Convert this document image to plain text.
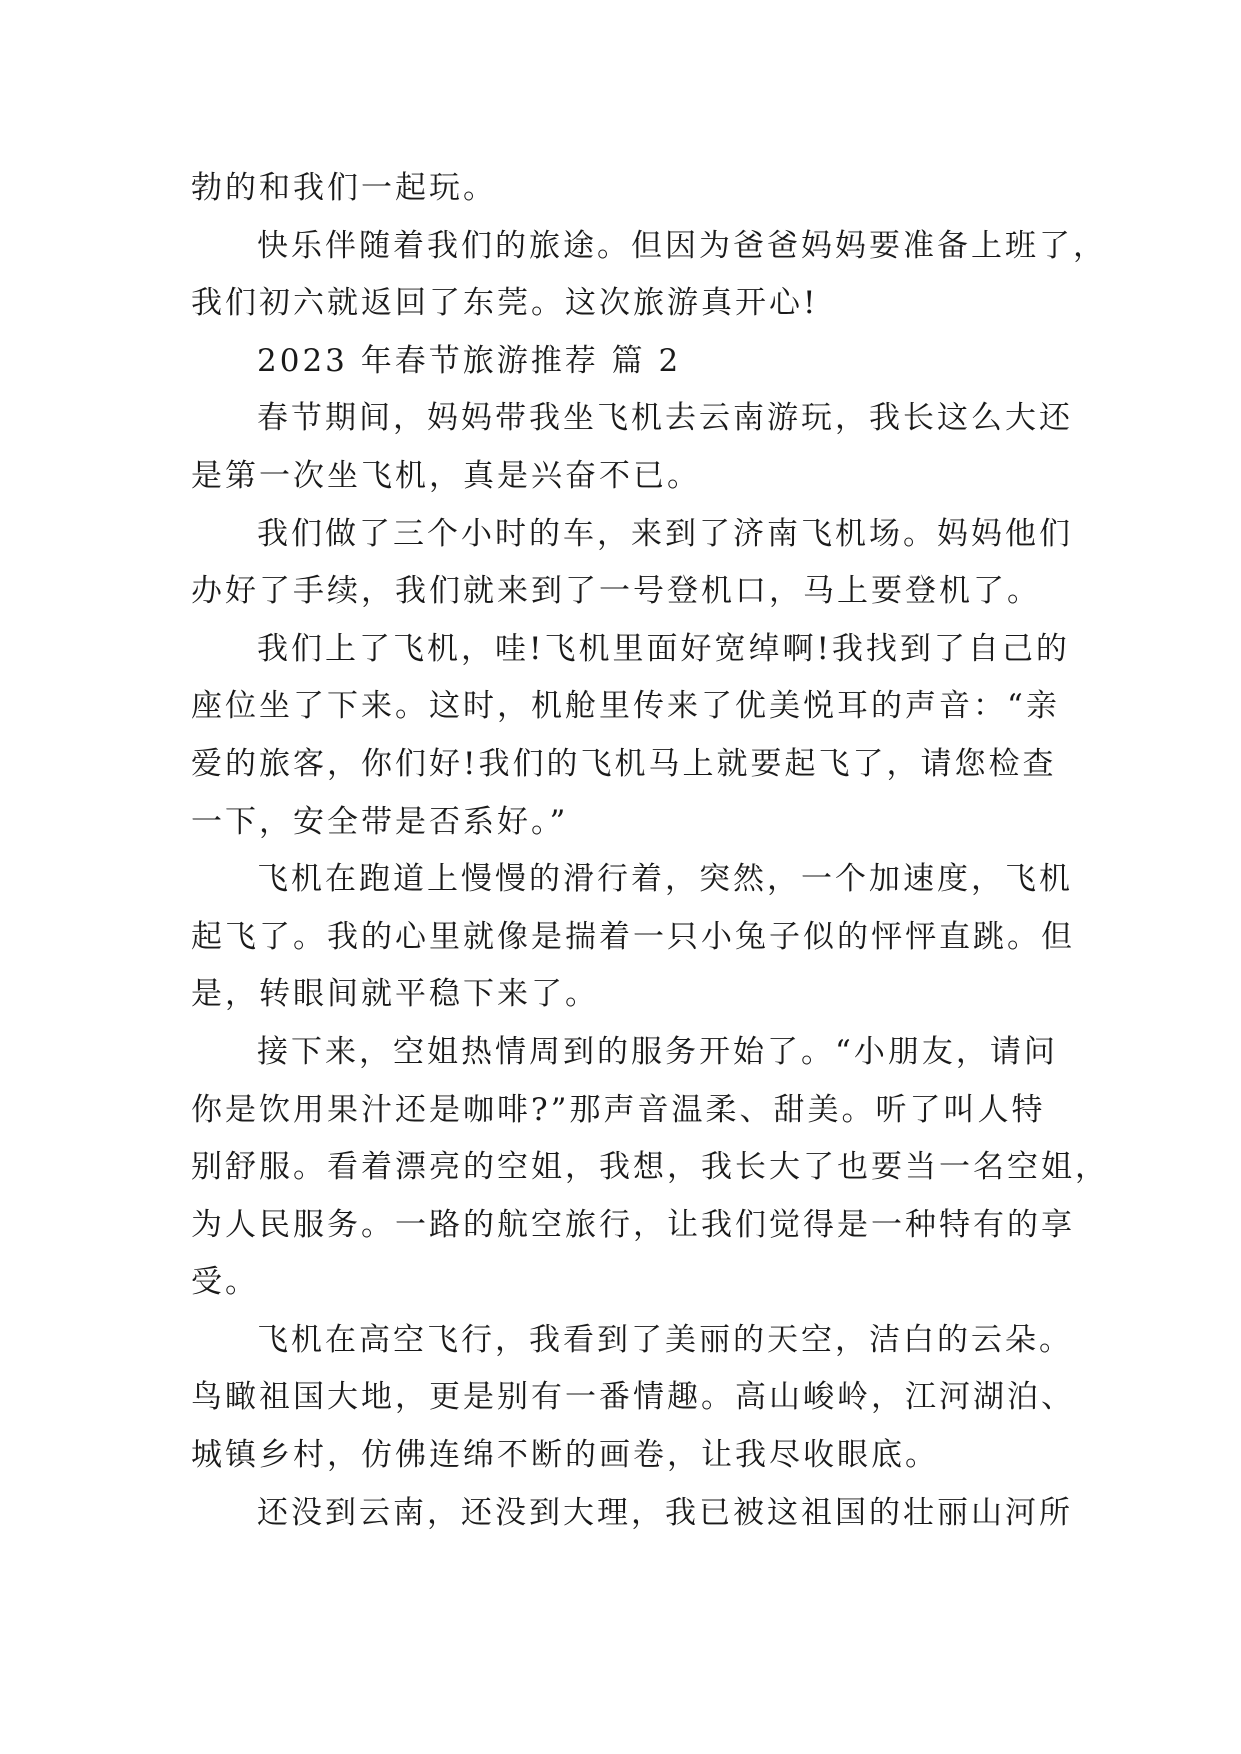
勃的和我们一起玩。
快乐伴随着我们的旅途。但因为爸爸妈妈要准备上班了，
我们初六就返回了东莞。这次旅游真开心!
2023 年春节旅游推荐 篇 2
春节期间，妈妈带我坐飞机去云南游玩，我长这么大还
是第一次坐飞机，真是兴奋不已。
我们做了三个小时的车，来到了济南飞机场。妈妈他们
办好了手续，我们就来到了一号登机口，马上要登机了。
我们上了飞机，哇!飞机里面好宽绰啊!我找到了自己的
座位坐了下来。这时，机舱里传来了优美悦耳的声音：“亲
爱的旅客，你们好!我们的飞机马上就要起飞了，请您检查
一下，安全带是否系好。”
飞机在跑道上慢慢的滑行着，突然，一个加速度，飞机
起飞了。我的心里就像是揣着一只小兔子似的怦怦直跳。但
是，转眼间就平稳下来了。
接下来，空姐热情周到的服务开始了。“小朋友，请问
你是饮用果汁还是咖啡?”那声音温柔、甜美。听了叫人特
别舒服。看着漂亮的空姐，我想，我长大了也要当一名空姐，
为人民服务。一路的航空旅行，让我们觉得是一种特有的享
受。
飞机在高空飞行，我看到了美丽的天空，洁白的云朵。
鸟瞰祖国大地，更是别有一番情趣。高山峻岭，江河湖泊、
城镇乡村，仿佛连绵不断的画卷，让我尽收眼底。
还没到云南，还没到大理，我已被这祖国的壮丽山河所
